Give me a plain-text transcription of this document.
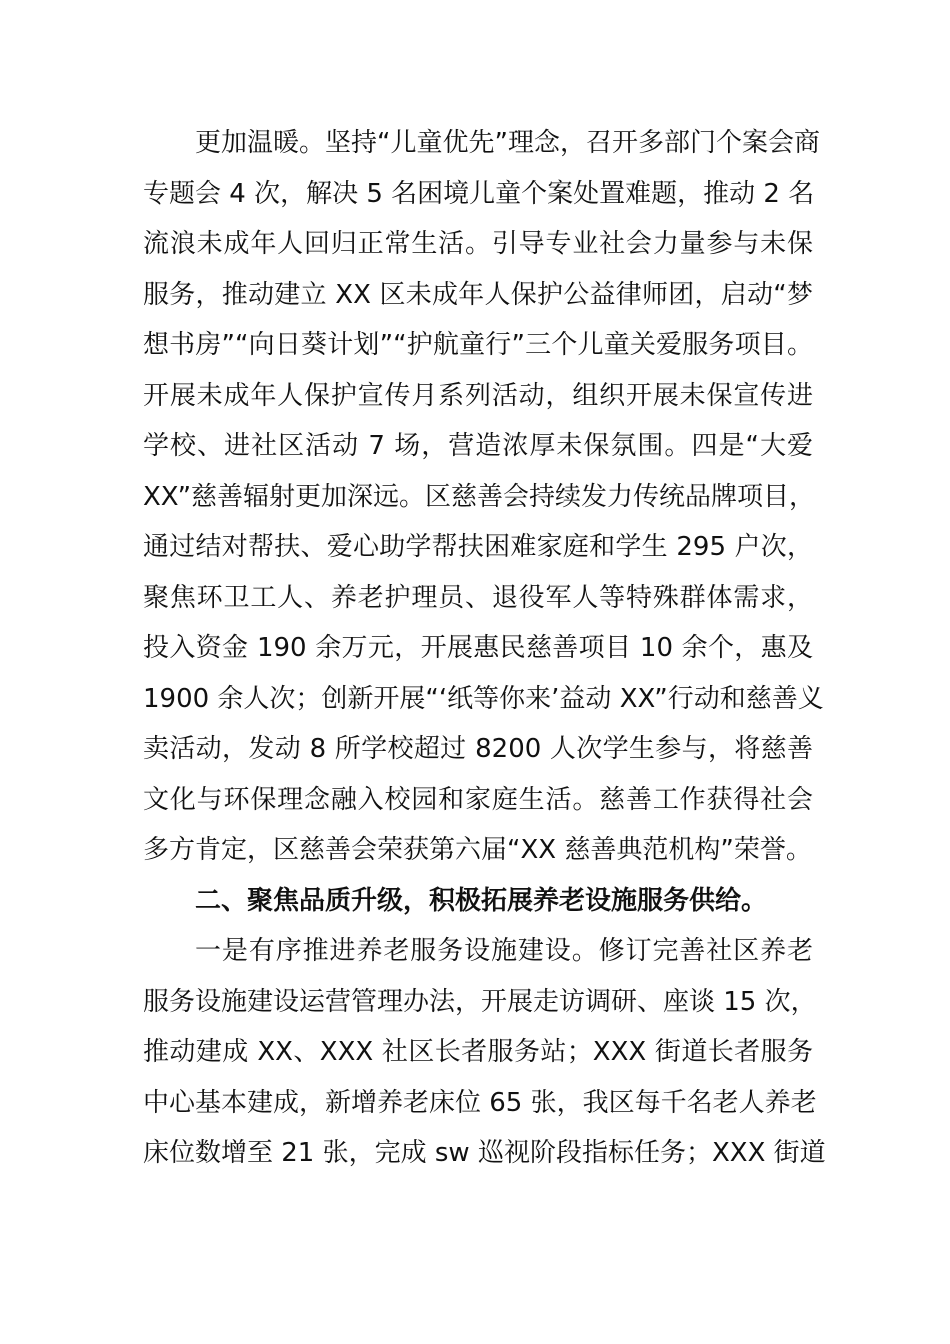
更加温暖。坚持“儿童优先”理念，召开多部门个案会商
专题会 4 次，解决 5 名困境儿童个案处置难题，推动 2 名
流浪未成年人回归正常生活。引导专业社会力量参与未保
服务，推动建立 XX 区未成年人保护公益律师团，启动“梦
想书房”“向日葵计划”“护航童行”三个儿童关爱服务项目。
开展未成年人保护宣传月系列活动，组织开展未保宣传进
学校、进社区活动 7 场，营造浓厚未保氛围。四是“大爱
XX”慈善辐射更加深远。区慈善会持续发力传统品牌项目，
通过结对帮扶、爱心助学帮扶困难家庭和学生 295 户次，
聚焦环卫工人、养老护理员、退役军人等特殊群体需求，
投入资金 190 余万元，开展惠民慈善项目 10 余个，惠及
1900 余人次；创新开展“‘纸等你来’益动 XX”行动和慈善义
卖活动，发动 8 所学校超过 8200 人次学生参与，将慈善
文化与环保理念融入校园和家庭生活。慈善工作获得社会
多方肯定，区慈善会荣获第六届“XX 慈善典范机构”荣誉。
二、聚焦品质升级，积极拓展养老设施服务供给。
一是有序推进养老服务设施建设。修订完善社区养老
服务设施建设运营管理办法，开展走访调研、座谈 15 次，
推动建成 XX、XXX 社区长者服务站；XXX 街道长者服务
中心基本建成，新增养老床位 65 张，我区每千名老人养老
床位数增至 21 张，完成 sw 巡视阶段指标任务；XXX 街道
